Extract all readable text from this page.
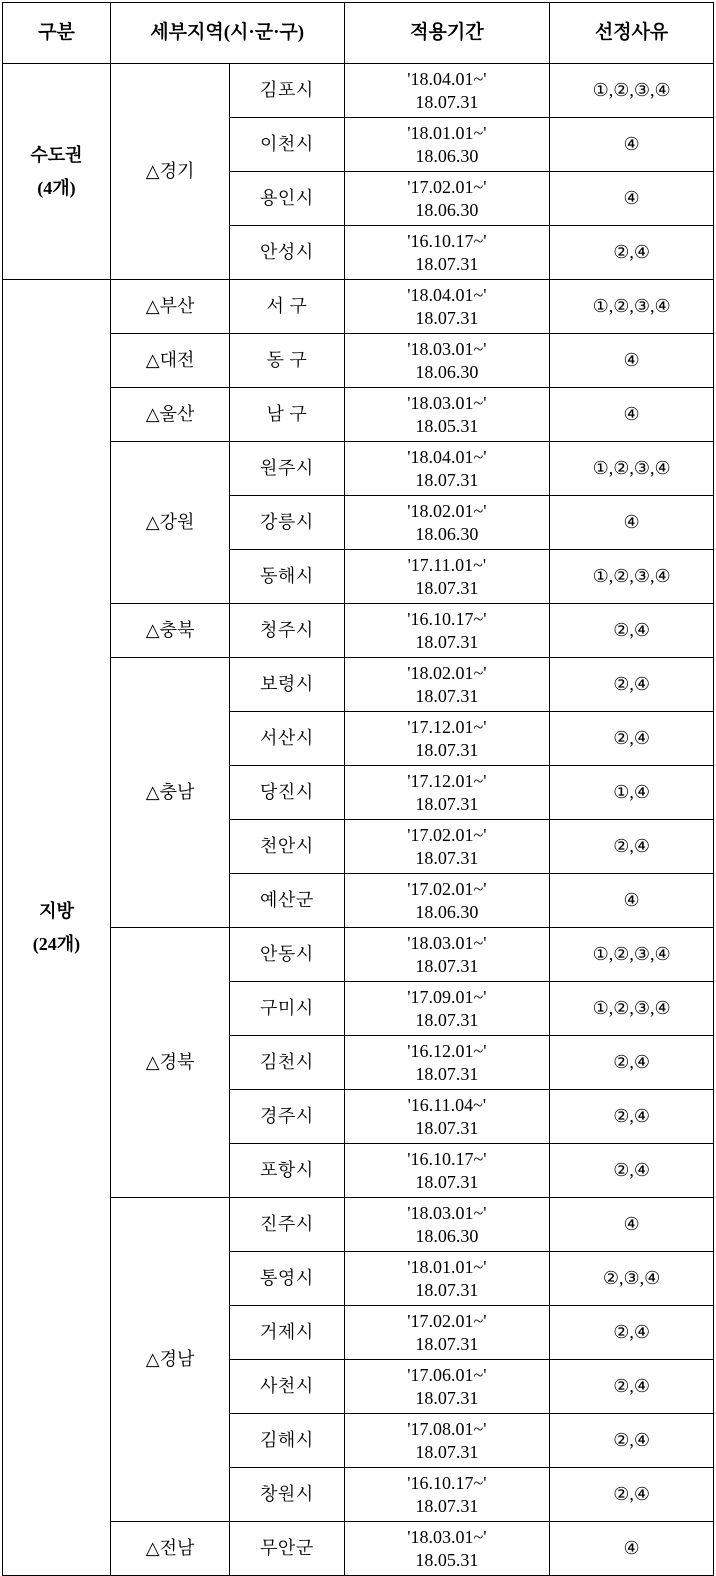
구분	세부지역(시·군·구)		적용기간	선정사유

수도권
(4개)	△경기	김포시	'18.04.01~'
18.07.31	①,②,③,④
		이천시	'18.01.01~'
18.06.30	④
		용인시	'17.02.01~'
18.06.30	④
		안성시	'16.10.17~'
18.07.31	②,④

지방
(24개)	△부산	서 구	'18.04.01~'
18.07.31	①,②,③,④
	△대전	동 구	'18.03.01~'
18.06.30	④
	△울산	남 구	'18.03.01~'
18.05.31	④
	△강원	원주시	'18.04.01~'
18.07.31	①,②,③,④
		강릉시	'18.02.01~'
18.06.30	④
		동해시	'17.11.01~'
18.07.31	①,②,③,④
	△충북	청주시	'16.10.17~'
18.07.31	②,④
	△충남	보령시	'18.02.01~'
18.07.31	②,④
		서산시	'17.12.01~'
18.07.31	②,④
		당진시	'17.12.01~'
18.07.31	①,④
		천안시	'17.02.01~'
18.07.31	②,④
		예산군	'17.02.01~'
18.06.30	④
	△경북	안동시	'18.03.01~'
18.07.31	①,②,③,④
		구미시	'17.09.01~'
18.07.31	①,②,③,④
		김천시	'16.12.01~'
18.07.31	②,④
		경주시	'16.11.04~'
18.07.31	②,④
		포항시	'16.10.17~'
18.07.31	②,④
	△경남	진주시	'18.03.01~'
18.06.30	④
		통영시	'18.01.01~'
18.07.31	②,③,④
		거제시	'17.02.01~'
18.07.31	②,④
		사천시	'17.06.01~'
18.07.31	②,④
		김해시	'17.08.01~'
18.07.31	②,④
		창원시	'16.10.17~'
18.07.31	②,④
	△전남	무안군	'18.03.01~'
18.05.31	④
